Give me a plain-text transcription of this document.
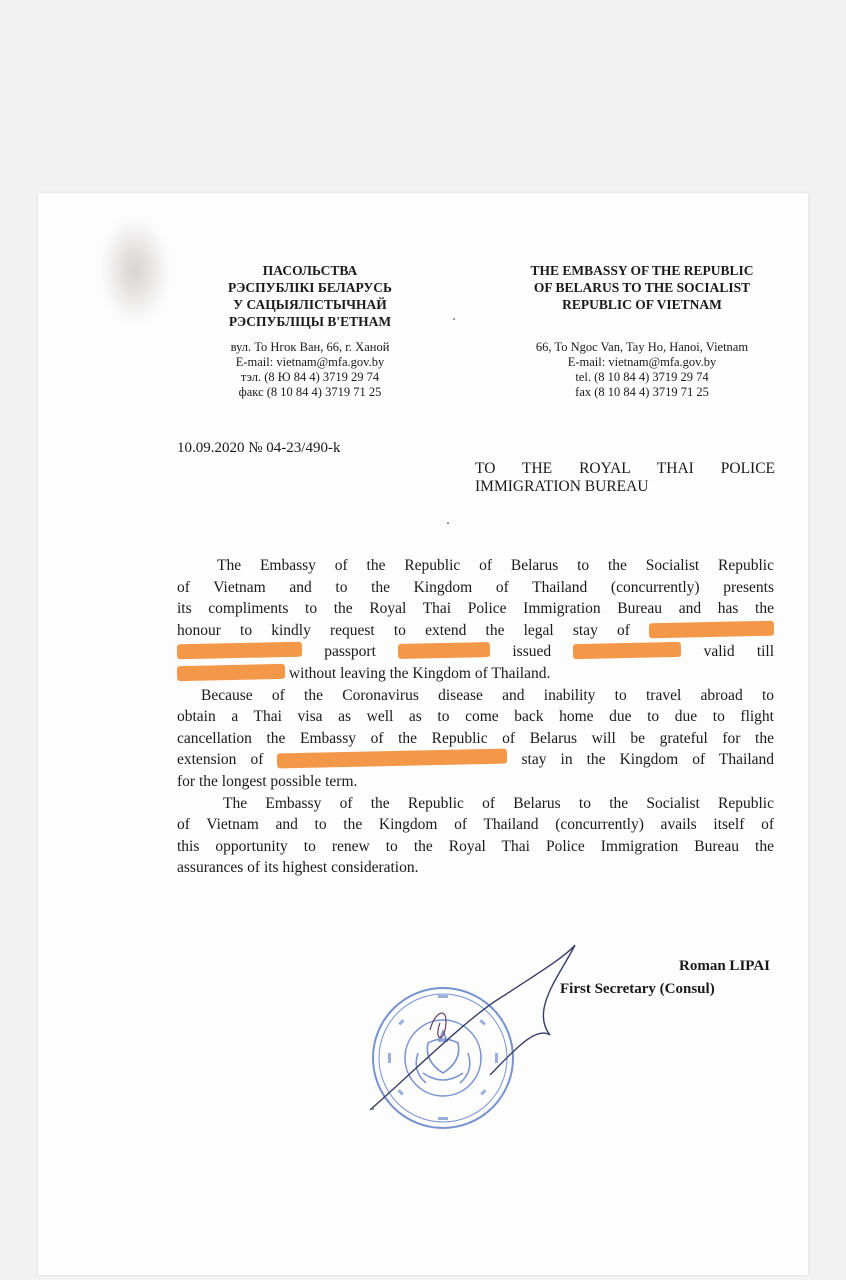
ПАСОЛЬСТВА
РЭСПУБЛІКІ БЕЛАРУСЬ
У САЦЫЯЛІСТЫЧНАЙ
РЭСПУБЛІЦЫ В'ЕТНАМ
THE EMBASSY OF THE REPUBLIC
OF BELARUS TO THE SOCIALIST
REPUBLIC OF VIETNAM
вул. То Нгок Ван, 66, г. Ханой
E-mail: vietnam@mfa.gov.by
тэл. (8 Ю 84 4) 3719 29 74
факс (8 10 84 4) 3719 71 25
66, To Ngoc Van, Tay Ho, Hanoi, Vietnam
E-mail: vietnam@mfa.gov.by
tel. (8 10 84 4) 3719 29 74
fax (8 10 84 4) 3719 71 25
10.09.2020 № 04-23/490-k
TO THE ROYAL THAI POLICE
IMMIGRATION BUREAU

The Embassy of the Republic of Belarus to the Socialist Republic

of Vietnam and to the Kingdom of Thailand (concurrently) presents
its compliments to the Royal Thai Police Immigration Bureau and has the
honour to kindly request to extend the legal stay of
passport	issued	valid till
without leaving the Kingdom of Thailand.

Because of the Coronavirus disease and inability to travel abroad to

obtain a Thai visa as well as to come back home due to due to flight
cancellation the Embassy of the Republic of Belarus will be grateful for the
extension of	stay in the Kingdom of Thailand
for the longest possible term.

The Embassy of the Republic of Belarus to the Socialist Republic

of Vietnam and to the Kingdom of Thailand (concurrently) avails itself of
this opportunity to renew to the Royal Thai Police Immigration Bureau the
assurances of its highest consideration.
Roman LIPAI
First Secretary (Consul)
